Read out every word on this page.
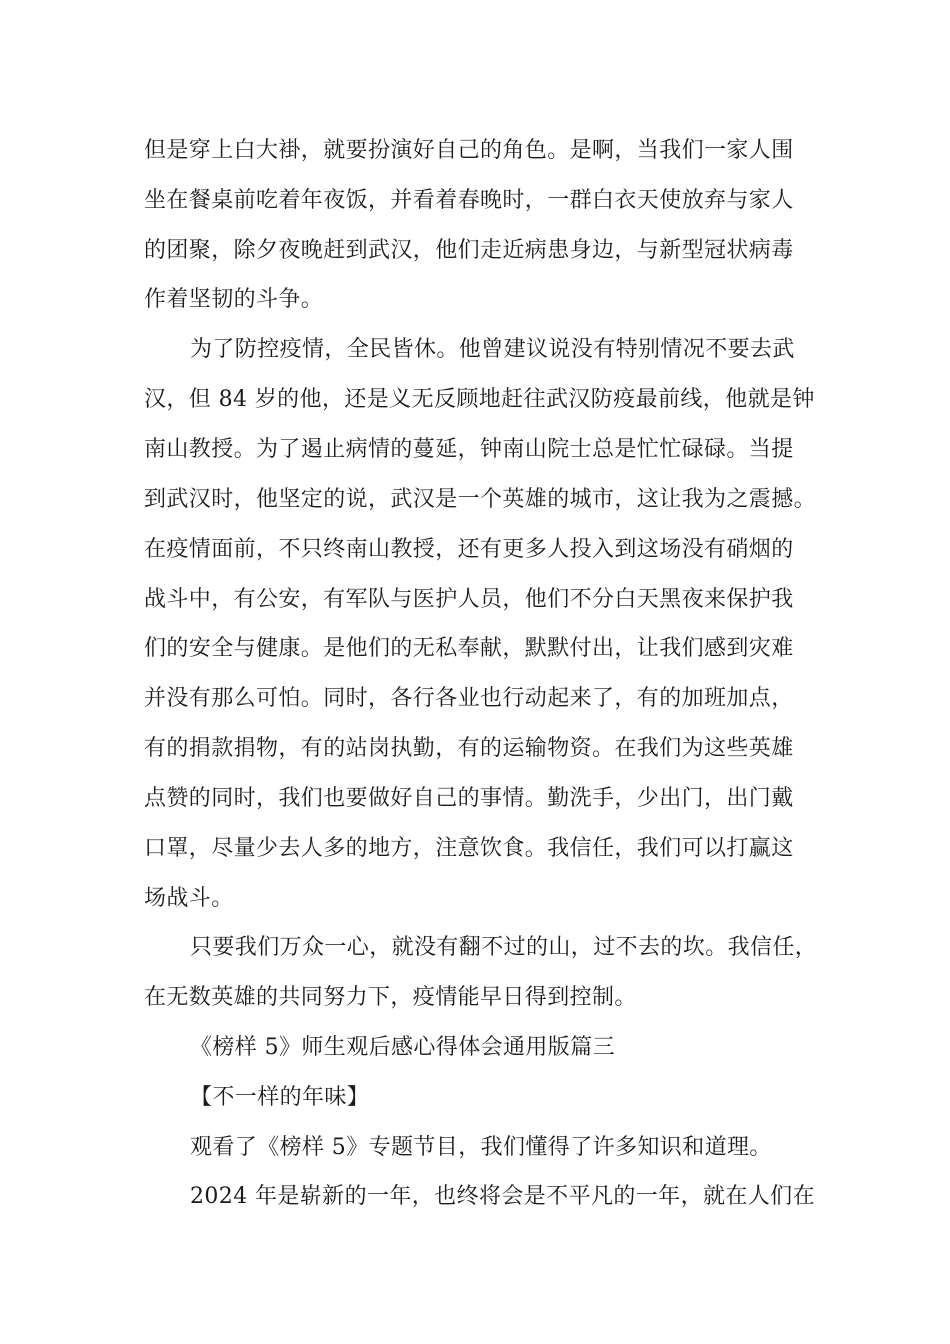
但是穿上白大褂，就要扮演好自己的角色。是啊，当我们一家人围

坐在餐桌前吃着年夜饭，并看着春晚时，一群白衣天使放弃与家人

的团聚，除夕夜晚赶到武汉，他们走近病患身边，与新型冠状病毒

作着坚韧的斗争。

为了防控疫情，全民皆休。他曾建议说没有特别情况不要去武

汉，但 84 岁的他，还是义无反顾地赶往武汉防疫最前线，他就是钟

南山教授。为了遏止病情的蔓延，钟南山院士总是忙忙碌碌。当提

到武汉时，他坚定的说，武汉是一个英雄的城市，这让我为之震撼。

在疫情面前，不只终南山教授，还有更多人投入到这场没有硝烟的

战斗中，有公安，有军队与医护人员，他们不分白天黑夜来保护我

们的安全与健康。是他们的无私奉献，默默付出，让我们感到灾难

并没有那么可怕。同时，各行各业也行动起来了，有的加班加点，

有的捐款捐物，有的站岗执勤，有的运输物资。在我们为这些英雄

点赞的同时，我们也要做好自己的事情。勤洗手，少出门，出门戴

口罩，尽量少去人多的地方，注意饮食。我信任，我们可以打赢这

场战斗。

只要我们万众一心，就没有翻不过的山，过不去的坎。我信任，

在无数英雄的共同努力下，疫情能早日得到控制。

《榜样 5》师生观后感心得体会通用版篇三

【不一样的年味】

观看了《榜样 5》专题节目，我们懂得了许多知识和道理。

2024 年是崭新的一年，也终将会是不平凡的一年，就在人们在
